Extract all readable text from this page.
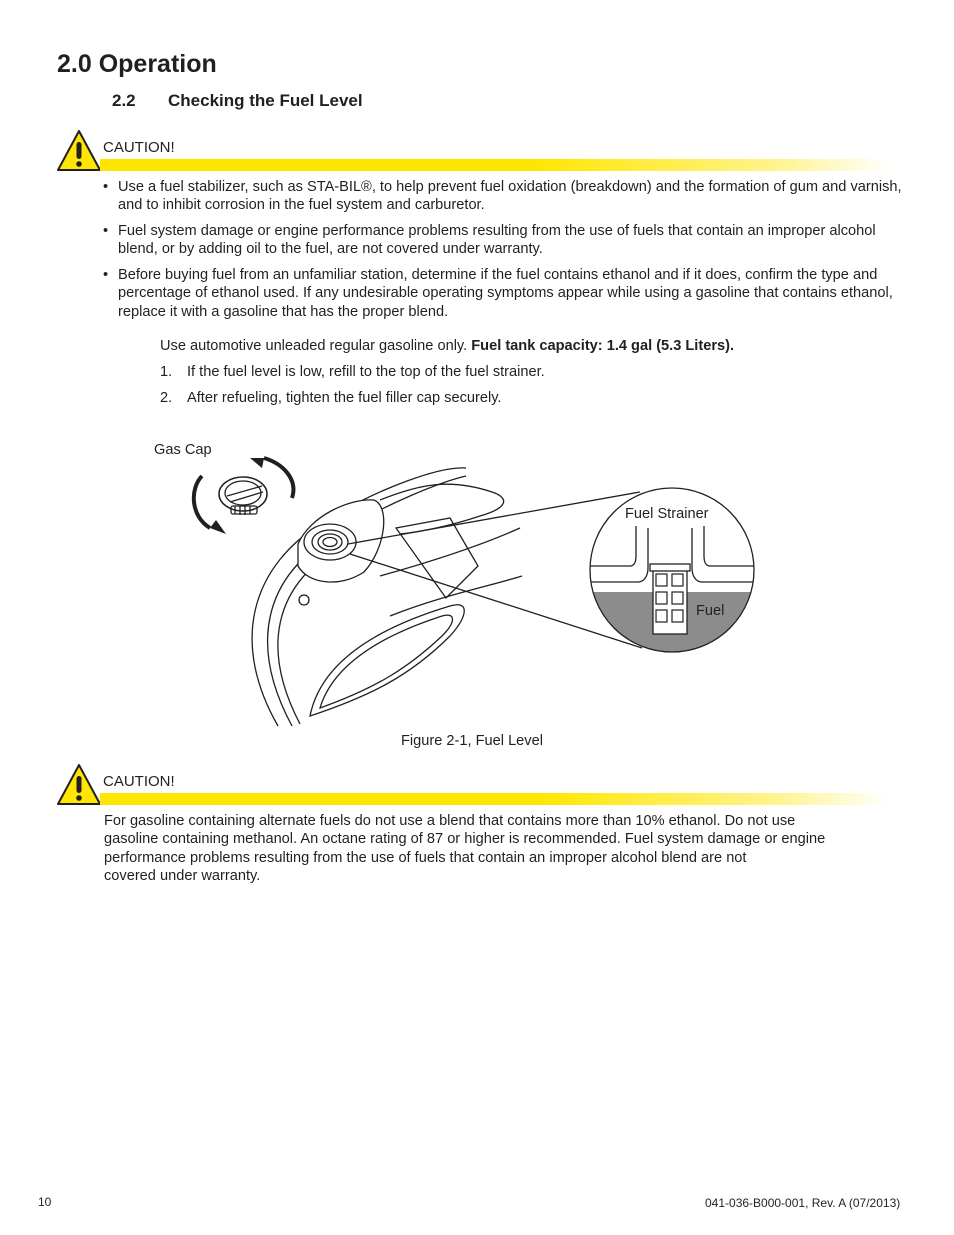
2.0 Operation
2.2 Checking the Fuel Level
CAUTION!
• Use a fuel stabilizer, such as STA-BIL®, to help prevent fuel oxidation (breakdown) and the formation of gum and varnish, and to inhibit corrosion in the fuel system and carburetor.
• Fuel system damage or engine performance problems resulting from the use of fuels that contain an improper alcohol blend, or by adding oil to the fuel, are not covered under warranty.
• Before buying fuel from an unfamiliar station, determine if the fuel contains ethanol and if it does, confirm the type and percentage of ethanol used. If any undesirable operating symptoms appear while using a gasoline that contains ethanol, replace it with a gasoline that has the proper blend.
Use automotive unleaded regular gasoline only. Fuel tank capacity: 1.4 gal (5.3 Liters).
1. If the fuel level is low, refill to the top of the fuel strainer.
2. After refueling, tighten the fuel filler cap securely.
Gas Cap
Fuel Strainer
Fuel
Figure 2-1, Fuel Level
CAUTION!
For gasoline containing alternate fuels do not use a blend that contains more than 10% ethanol. Do not use
gasoline containing methanol. An octane rating of 87 or higher is recommended. Fuel system damage or engine
performance problems resulting from the use of fuels that contain an improper alcohol blend are not
covered under warranty.
10	041-036-B000-001, Rev. A (07/2013)
